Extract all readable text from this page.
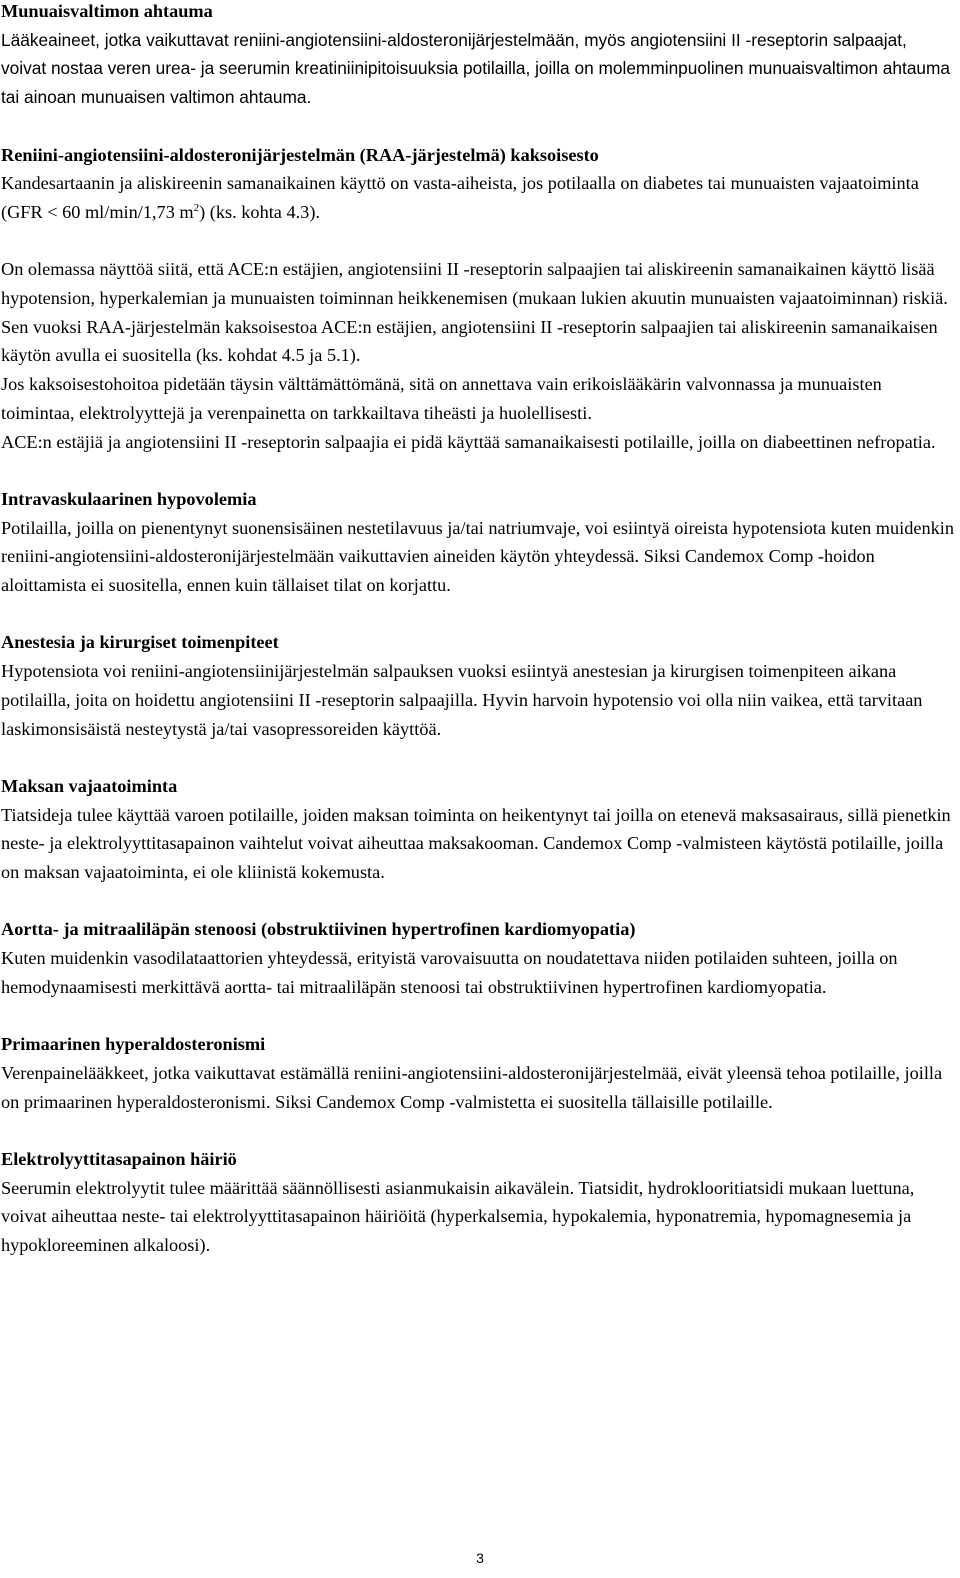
Munuaisvaltimon ahtauma

Lääkeaineet, jotka vaikuttavat reniini-angiotensiini-aldosteronijärjestelmään, myös angiotensiini II -reseptorin salpaajat, voivat nostaa veren urea- ja seerumin kreatiniinipitoisuuksia potilailla, joilla on molemminpuolinen munuaisvaltimon ahtauma tai ainoan munuaisen valtimon ahtauma.

Reniini-angiotensiini-aldosteronijärjestelmän (RAA-järjestelmä) kaksoisesto

Kandesartaanin ja aliskireenin samanaikainen käyttö on vasta-aiheista, jos potilaalla on diabetes tai munuaisten vajaatoiminta (GFR < 60 ml/min/1,73 $m^2$) (ks. kohta 4.3).

On olemassa näyttöä siitä, että ACE:n estäjien, angiotensiini II -reseptorin salpaajien tai aliskireenin samanaikainen käyttö lisää hypotension, hyperkalemian ja munuaisten toiminnan heikkenemisen (mukaan lukien akuutin munuaisten vajaatoiminnan) riskiä. Sen vuoksi RAA-järjestelmän kaksoisestoa ACE:n estäjien, angiotensiini II -reseptorin salpaajien tai aliskireenin samanaikaisen käytön avulla ei suositella (ks. kohdat 4.5 ja 5.1).

Jos kaksoisestohoitoa pidetään täysin välttämättömänä, sitä on annettava vain erikoislääkärin valvonnassa ja munuaisten toimintaa, elektrolyyttejä ja verenpainetta on tarkkailtava tiheästi ja huolellisesti.

ACE:n estäjiä ja angiotensiini II -reseptorin salpaajia ei pidä käyttää samanaikaisesti potilaille, joilla on diabeettinen nefropatia.

Intravaskulaarinen hypovolemia

Potilailla, joilla on pienentynyt suonensisäinen nestetilavuus ja/tai natriumvaje, voi esiintyä oireista hypotensiota kuten muidenkin reniini-angiotensiini-aldosteronijärjestelmään vaikuttavien aineiden käytön yhteydessä. Siksi Candemox Comp -hoidon aloittamista ei suositella, ennen kuin tällaiset tilat on korjattu.

Anestesia ja kirurgiset toimenpiteet

Hypotensiota voi reniini-angiotensiinijärjestelmän salpauksen vuoksi esiintyä anestesian ja kirurgisen toimenpiteen aikana potilailla, joita on hoidettu angiotensiini II -reseptorin salpaajilla. Hyvin harvoin hypotensio voi olla niin vaikea, että tarvitaan laskimonsisäistä nesteytystä ja/tai vasopressoreiden käyttöä.

Maksan vajaatoiminta

Tiatsideja tulee käyttää varoen potilaille, joiden maksan toiminta on heikentynyt tai joilla on etenevä maksasairaus, sillä pienetkin neste- ja elektrolyyttitasapainon vaihtelut voivat aiheuttaa maksakooman. Candemox Comp -valmisteen käytöstä potilaille, joilla on maksan vajaatoiminta, ei ole kliinistä kokemusta.

Aortta- ja mitraaliläpän stenoosi (obstruktiivinen hypertrofinen kardiomyopatia)

Kuten muidenkin vasodilataattorien yhteydessä, erityistä varovaisuutta on noudatettava niiden potilaiden suhteen, joilla on hemodynaamisesti merkittävä aortta- tai mitraaliläpän stenoosi tai obstruktiivinen hypertrofinen kardiomyopatia.

Primaarinen hyperaldosteronismi

Verenpainelääkkeet, jotka vaikuttavat estämällä reniini-angiotensiini-aldosteronijärjestelmää, eivät yleensä tehoa potilaille, joilla on primaarinen hyperaldosteronismi. Siksi Candemox Comp -valmistetta ei suositella tällaisille potilaille.

Elektrolyyttitasapainon häiriö

Seerumin elektrolyytit tulee määrittää säännöllisesti asianmukaisin aikavälein. Tiatsidit, hydroklooritiatsidi mukaan luettuna, voivat aiheuttaa neste- tai elektrolyyttitasapainon häiriöitä (hyperkalsemia, hypokalemia, hyponatremia, hypomagnesemia ja hypokloreeminen alkaloosi).

3
